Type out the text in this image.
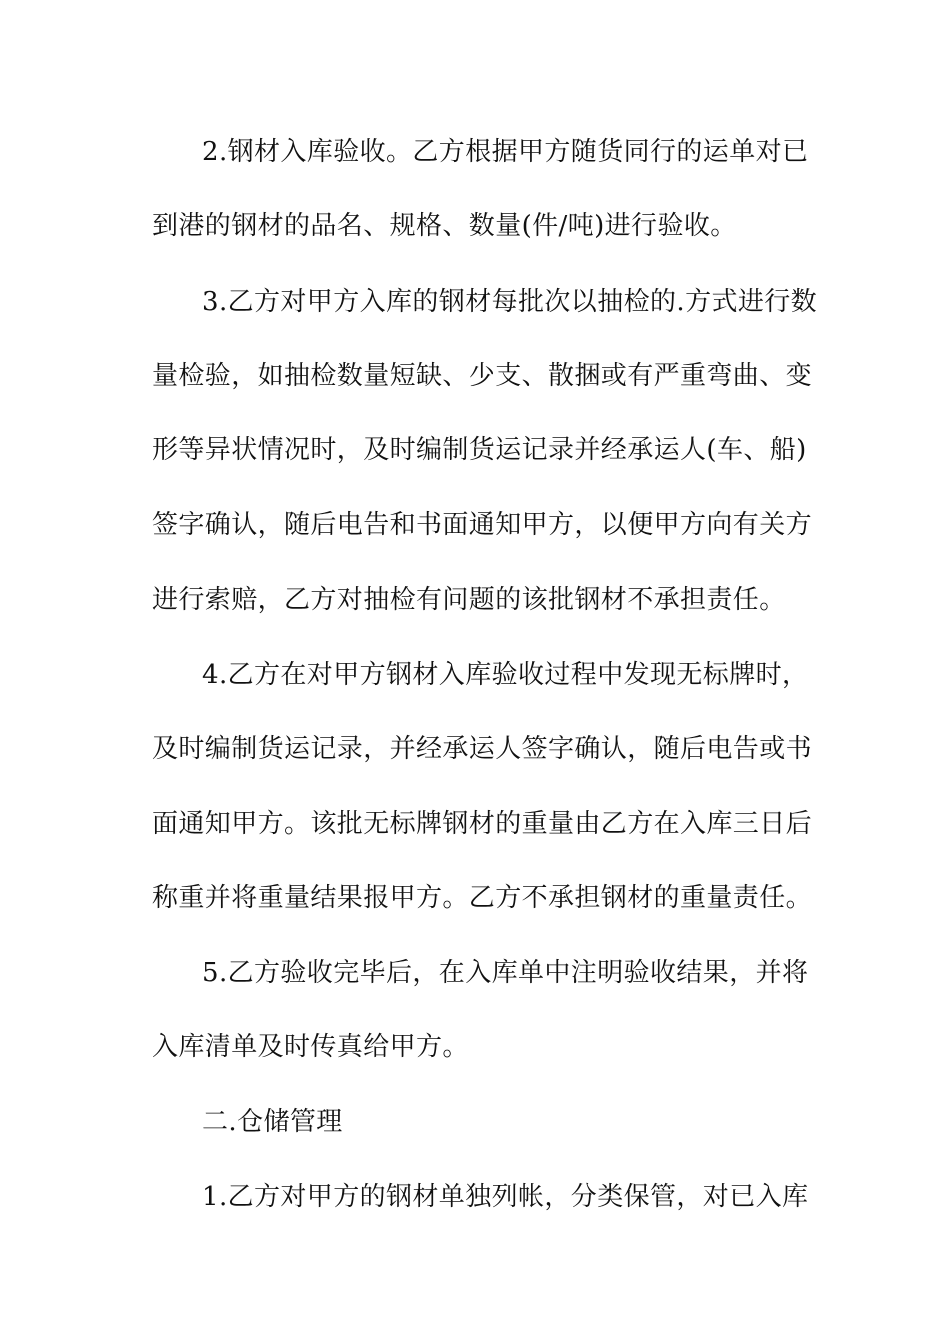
2.钢材入库验收。乙方根据甲方随货同行的运单对已
到港的钢材的品名、规格、数量(件/吨)进行验收。
3.乙方对甲方入库的钢材每批次以抽检的.方式进行数
量检验，如抽检数量短缺、少支、散捆或有严重弯曲、变
形等异状情况时，及时编制货运记录并经承运人(车、船)
签字确认，随后电告和书面通知甲方，以便甲方向有关方
进行索赔，乙方对抽检有问题的该批钢材不承担责任。
4.乙方在对甲方钢材入库验收过程中发现无标牌时，
及时编制货运记录，并经承运人签字确认，随后电告或书
面通知甲方。该批无标牌钢材的重量由乙方在入库三日后
称重并将重量结果报甲方。乙方不承担钢材的重量责任。
5.乙方验收完毕后，在入库单中注明验收结果，并将
入库清单及时传真给甲方。
二.仓储管理
1.乙方对甲方的钢材单独列帐，分类保管，对已入库
